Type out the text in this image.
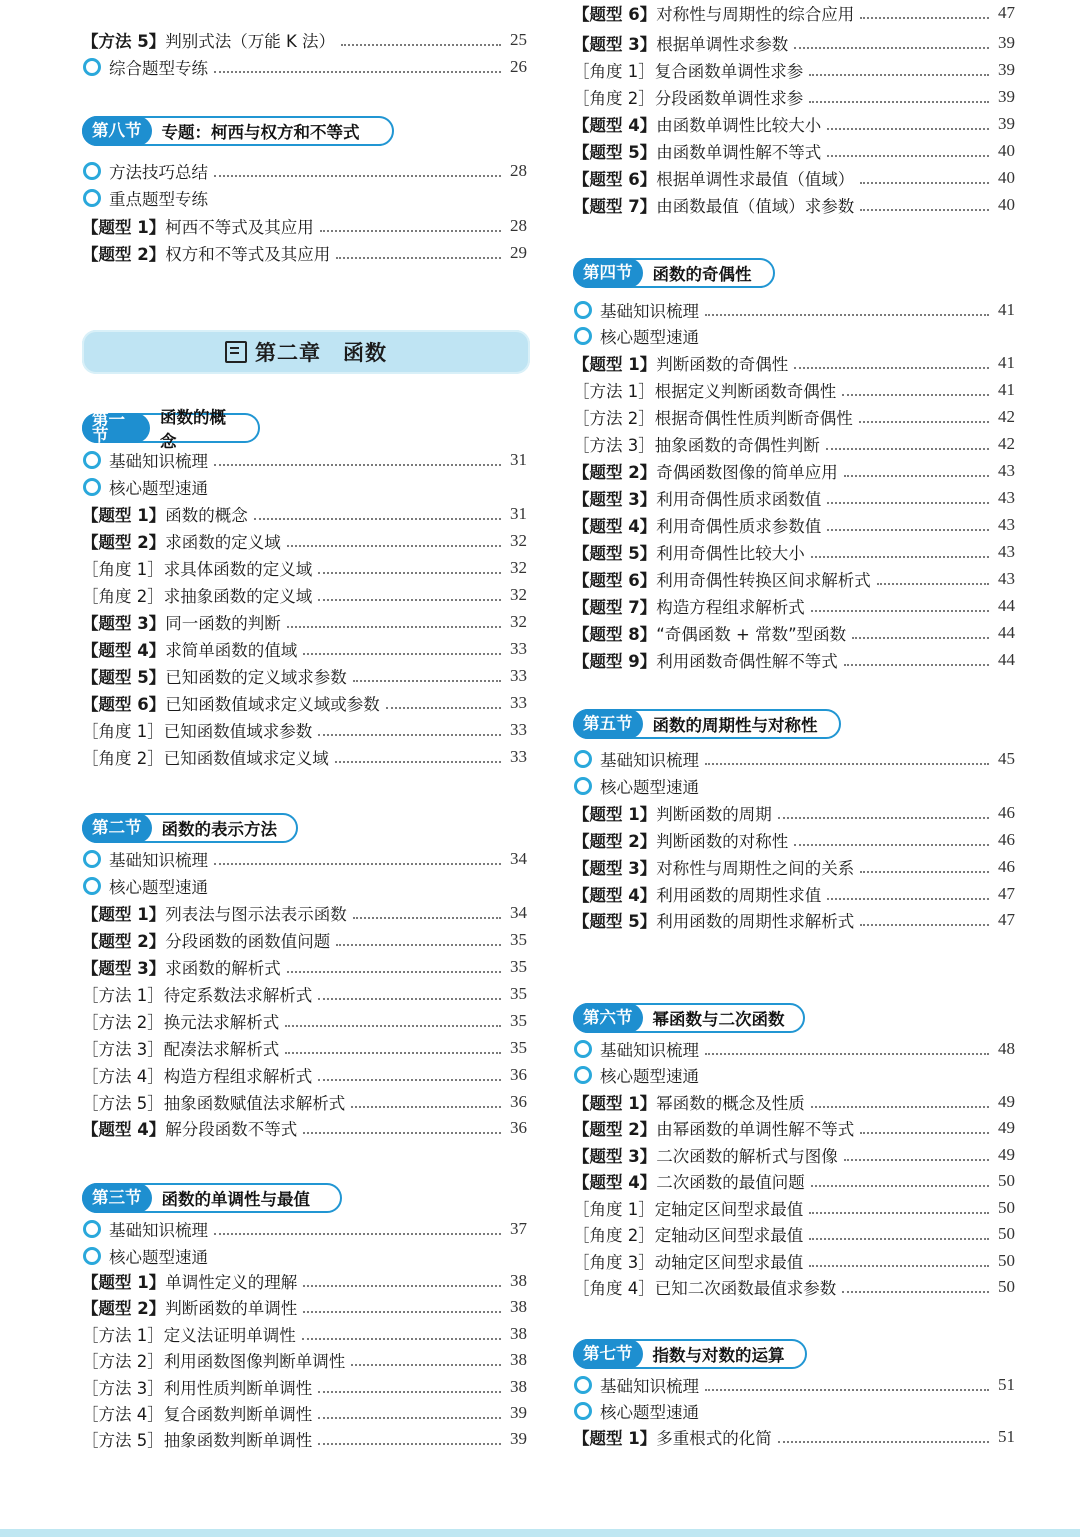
【方法 5】 判别式法（万能 K 法）	25
综合题型专练	26
第八节	专题：柯西与权方和不等式
方法技巧总结	28
重点题型专练
【题型 1】 柯西不等式及其应用	28
【题型 2】 权方和不等式及其应用	29
第二章　函数
第一节
函数的概念
基础知识梳理	31
核心题型速通
【题型 1】 函数的概念	31
【题型 2】 求函数的定义域	32
［角度 1］ 求具体函数的定义域	32
［角度 2］ 求抽象函数的定义域	32
【题型 3】 同一函数的判断	32
【题型 4】 求简单函数的值域	33
【题型 5】 已知函数的定义域求参数	33
【题型 6】 已知函数值域求定义域或参数	33
［角度 1］ 已知函数值域求参数	33
［角度 2］ 已知函数值域求定义域	33
第二节	函数的表示方法
基础知识梳理	34
核心题型速通
【题型 1】 列表法与图示法表示函数	34
【题型 2】 分段函数的函数值问题	35
【题型 3】 求函数的解析式	35
［方法 1］ 待定系数法求解析式	35
［方法 2］ 换元法求解析式	35
［方法 3］ 配凑法求解析式	35
［方法 4］ 构造方程组求解析式	36
［方法 5］ 抽象函数赋值法求解析式	36
【题型 4】 解分段函数不等式	36
第三节	函数的单调性与最值
基础知识梳理	37
核心题型速通
【题型 1】 单调性定义的理解	38
【题型 2】 判断函数的单调性	38
［方法 1］ 定义法证明单调性	38
［方法 2］ 利用函数图像判断单调性	38
［方法 3］ 利用性质判断单调性	38
［方法 4］ 复合函数判断单调性	39
［方法 5］ 抽象函数判断单调性	39
【题型 3】 根据单调性求参数	39
［角度 1］ 复合函数单调性求参	39
［角度 2］ 分段函数单调性求参	39
【题型 4】 由函数单调性比较大小	39
【题型 5】 由函数单调性解不等式	40
【题型 6】 根据单调性求最值（值域）	40
【题型 7】 由函数最值（值域）求参数	40
第四节	函数的奇偶性
基础知识梳理	41
核心题型速通
【题型 1】 判断函数的奇偶性	41
［方法 1］ 根据定义判断函数奇偶性	41
［方法 2］ 根据奇偶性性质判断奇偶性	42
［方法 3］ 抽象函数的奇偶性判断	42
【题型 2】 奇偶函数图像的简单应用	43
【题型 3】 利用奇偶性质求函数值	43
【题型 4】 利用奇偶性质求参数值	43
【题型 5】 利用奇偶性比较大小	43
【题型 6】 利用奇偶性转换区间求解析式	43
【题型 7】 构造方程组求解析式	44
【题型 8】 “奇偶函数 + 常数”型函数	44
【题型 9】 利用函数奇偶性解不等式	44
第五节	函数的周期性与对称性
基础知识梳理	45
核心题型速通
【题型 1】 判断函数的周期	46
【题型 2】 判断函数的对称性	46
【题型 3】 对称性与周期性之间的关系	46
【题型 4】 利用函数的周期性求值	47
【题型 5】 利用函数的周期性求解析式	47
【题型 6】 对称性与周期性的综合应用	47
第六节	幂函数与二次函数
基础知识梳理	48
核心题型速通
【题型 1】 幂函数的概念及性质	49
【题型 2】 由幂函数的单调性解不等式	49
【题型 3】 二次函数的解析式与图像	49
【题型 4】 二次函数的最值问题	50
［角度 1］ 定轴定区间型求最值	50
［角度 2］ 定轴动区间型求最值	50
［角度 3］ 动轴定区间型求最值	50
［角度 4］ 已知二次函数最值求参数	50
第七节	指数与对数的运算
基础知识梳理	51
核心题型速通
【题型 1】 多重根式的化简	51
